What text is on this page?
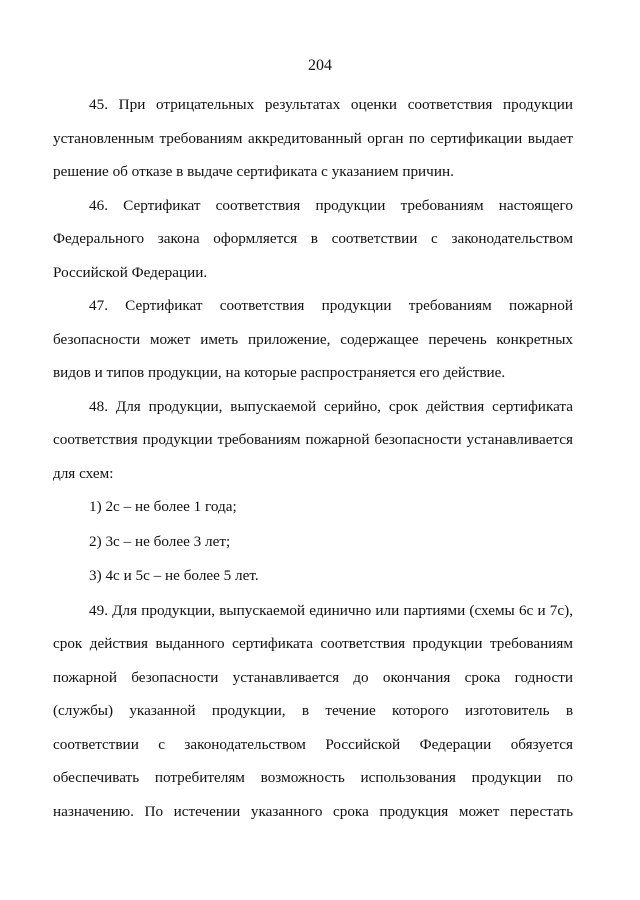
204

45. При отрицательных результатах оценки соответствия продукции установленным требованиям аккредитованный орган по сертификации выдает решение об отказе в выдаче сертификата с указанием причин.

46. Сертификат соответствия продукции требованиям настоящего Федерального закона оформляется в соответствии с законодательством Российской Федерации.

47. Сертификат соответствия продукции требованиям пожарной безопасности может иметь приложение, содержащее перечень конкретных видов и типов продукции, на которые распространяется его действие.

48. Для продукции, выпускаемой серийно, срок действия сертификата соответствия продукции требованиям пожарной безопасности устанавливается для схем:

1) 2с – не более 1 года;

2) 3с – не более 3 лет;

3) 4с и 5с – не более 5 лет.

49. Для продукции, выпускаемой единично или партиями (схемы 6с и 7с), срок действия выданного сертификата соответствия продукции требованиям пожарной безопасности устанавливается до окончания срока годности (службы) указанной продукции, в течение которого изготовитель в соответствии с законодательством Российской Федерации обязуется обеспечивать потребителям возможность использования продукции по назначению. По истечении указанного срока продукция может перестать
